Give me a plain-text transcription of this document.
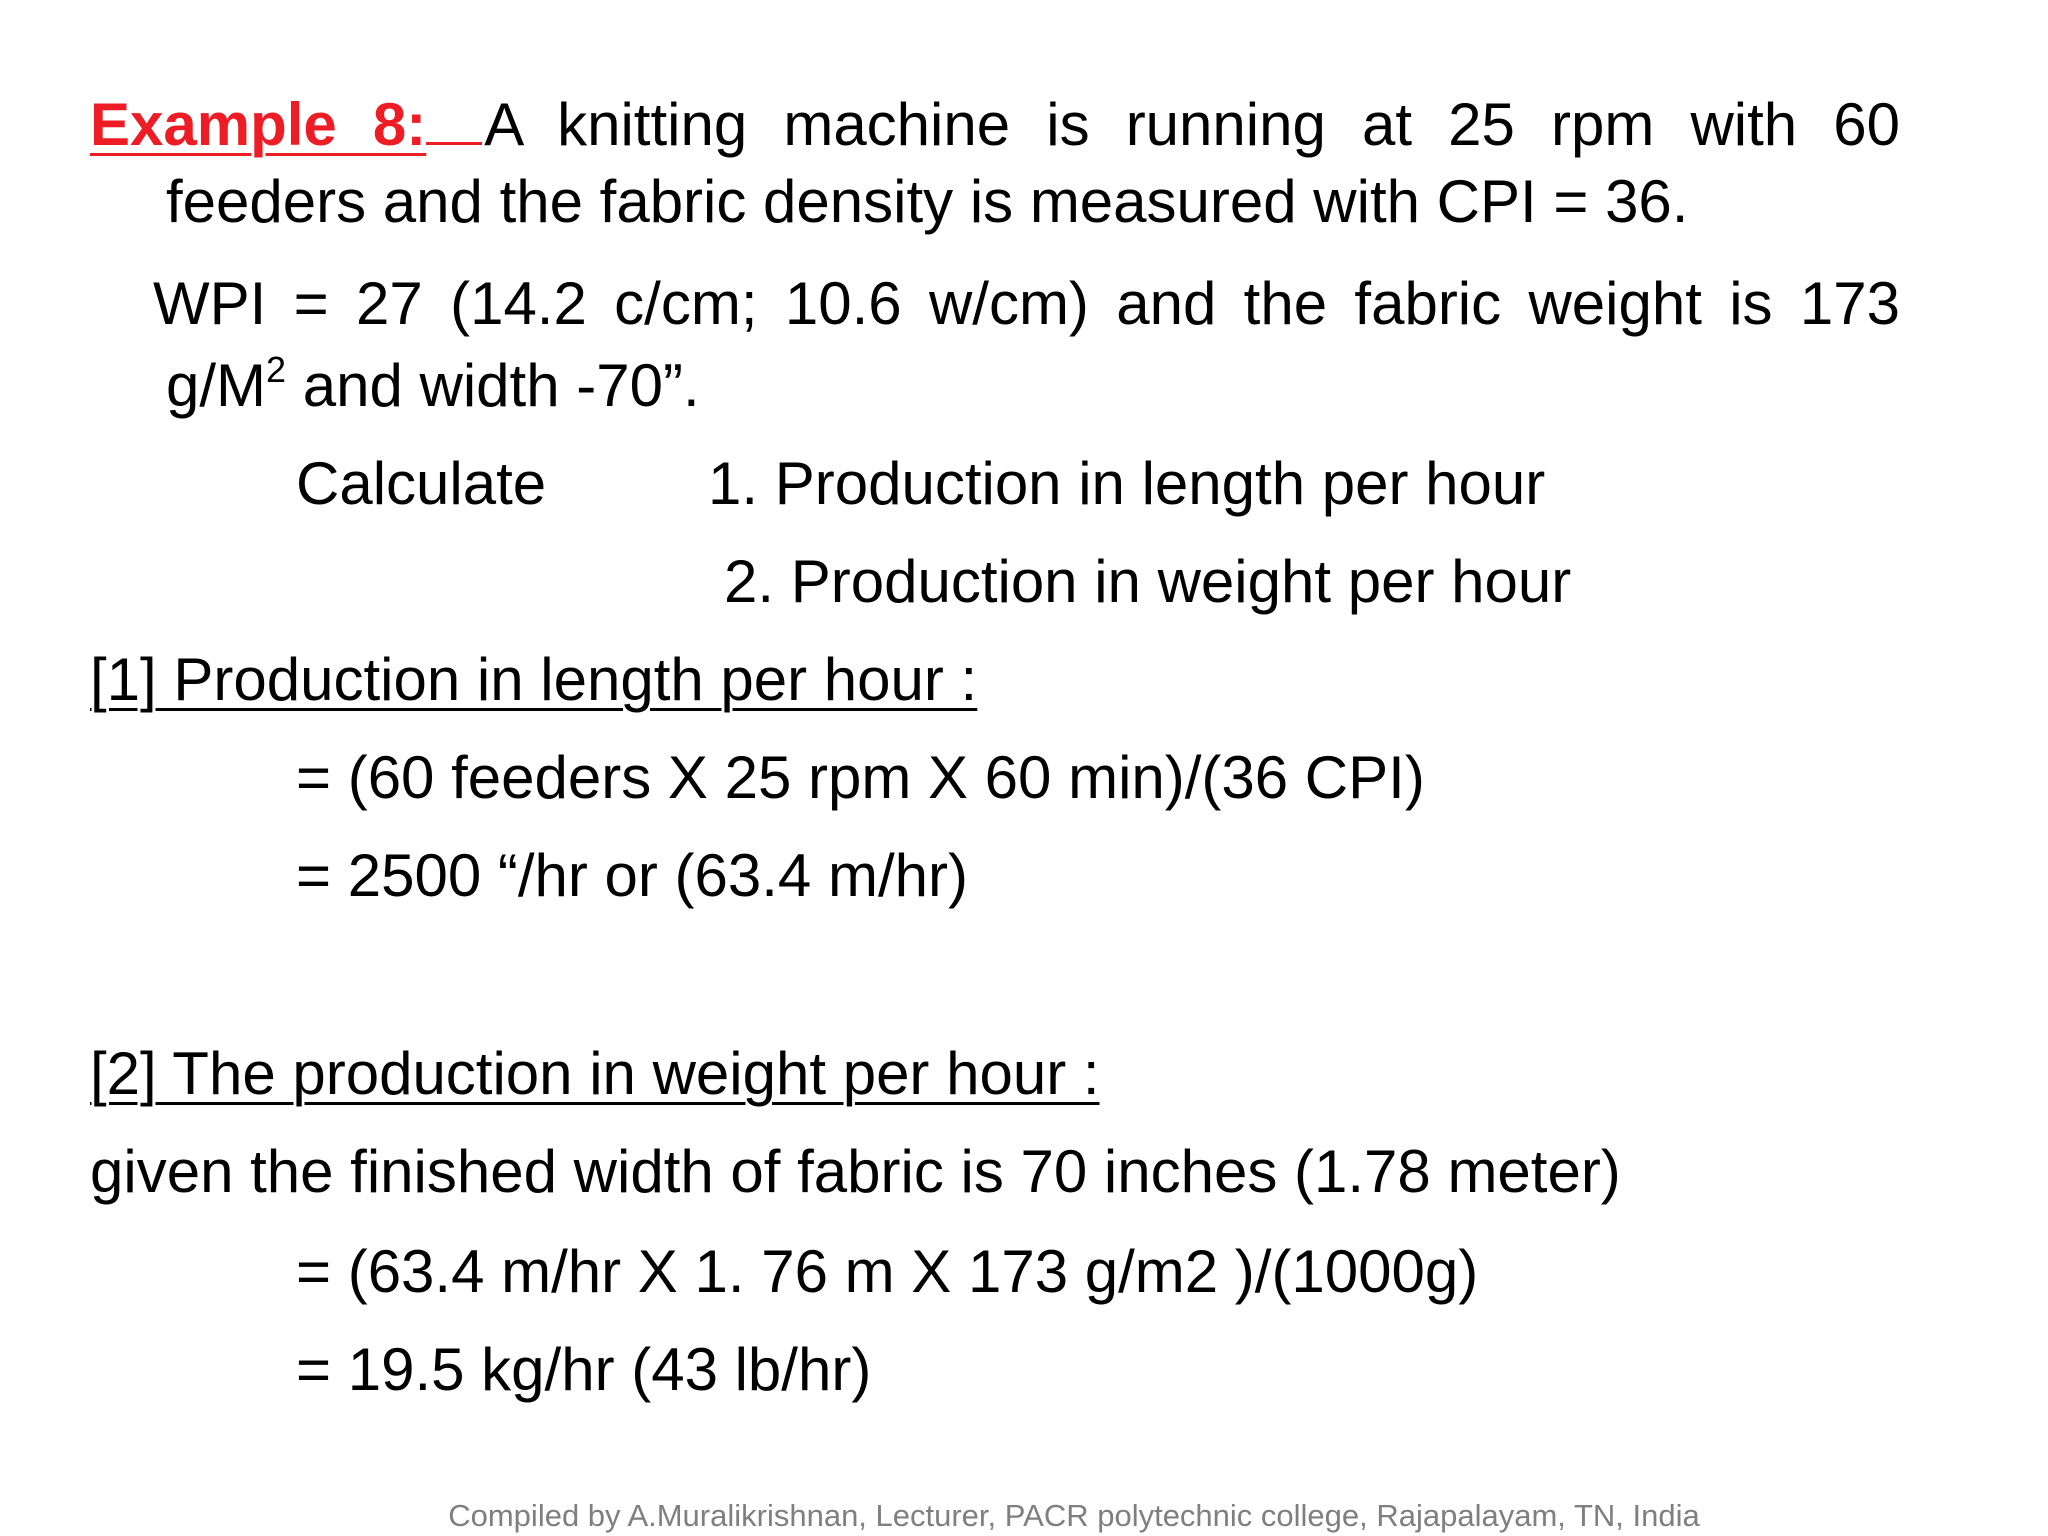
Example 8: A knitting machine is running at 25 rpm with 60
feeders and the fabric density is measured with CPI = 36.
WPI = 27 (14.2 c/cm; 10.6 w/cm) and the fabric weight is 173
$g/M^2$ and width -70”.
Calculate	1. Production in length per hour
2. Production in weight per hour
[1] Production in length per hour :
= (60 feeders X 25 rpm X 60 min)/(36 CPI)
= 2500 “/hr or (63.4 m/hr)
[2] The production in weight per hour :
given the finished width of fabric is 70 inches (1.78 meter)
= (63.4 m/hr X 1. 76 m X 173 g/m2 )/(1000g)
= 19.5 kg/hr (43 lb/hr)
Compiled by A.Muralikrishnan, Lecturer, PACR polytechnic college, Rajapalayam, TN, India
